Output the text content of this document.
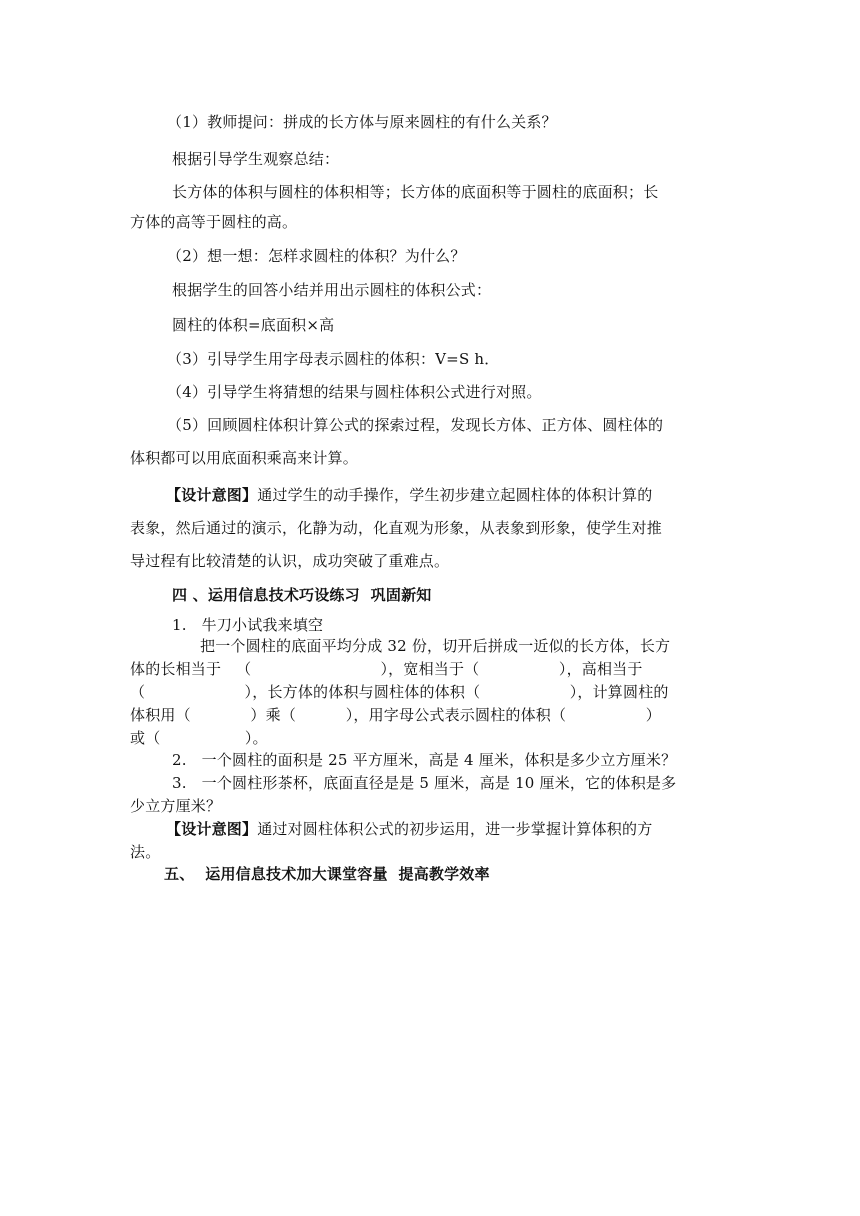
（1）教师提问：拼成的长方体与原来圆柱的有什么关系？
根据引导学生观察总结：
长方体的体积与圆柱的体积相等；长方体的底面积等于圆柱的底面积；长
方体的高等于圆柱的高。
（2）想一想：怎样求圆柱的体积？为什么？
根据学生的回答小结并用出示圆柱的体积公式：
圆柱的体积=底面积×高
（3）引导学生用字母表示圆柱的体积：V=S h．
（4）引导学生将猜想的结果与圆柱体积公式进行对照。
（5）回顾圆柱体积计算公式的探索过程，发现长方体、正方体、圆柱体的
体积都可以用底面积乘高来计算。
【设计意图】通过学生的动手操作，学生初步建立起圆柱体的体积计算的
表象，然后通过的演示，化静为动，化直观为形象，从表象到形象，使学生对推
导过程有比较清楚的认识，成功突破了重难点。
四 、运用信息技术巧设练习  巩固新知
1.   牛刀小试我来填空
把一个圆柱的底面平均分成 32 份，切开后拼成一近似的长方体，长方
体的长相当于   （                          ），宽相当于（                ），高相当于
（                    ），长方体的体积与圆柱体的体积（                  ），计算圆柱的
体积用（            ）乘（          ），用字母公式表示圆柱的体积（                ）
或（                 ）。
2.   一个圆柱的面积是 25 平方厘米，高是 4 厘米，体积是多少立方厘米？
3.   一个圆柱形茶杯，底面直径是是 5 厘米，高是 10 厘米，它的体积是多
少立方厘米？
【设计意图】通过对圆柱体积公式的初步运用，进一步掌握计算体积的方
法。
五、  运用信息技术加大课堂容量  提高教学效率
